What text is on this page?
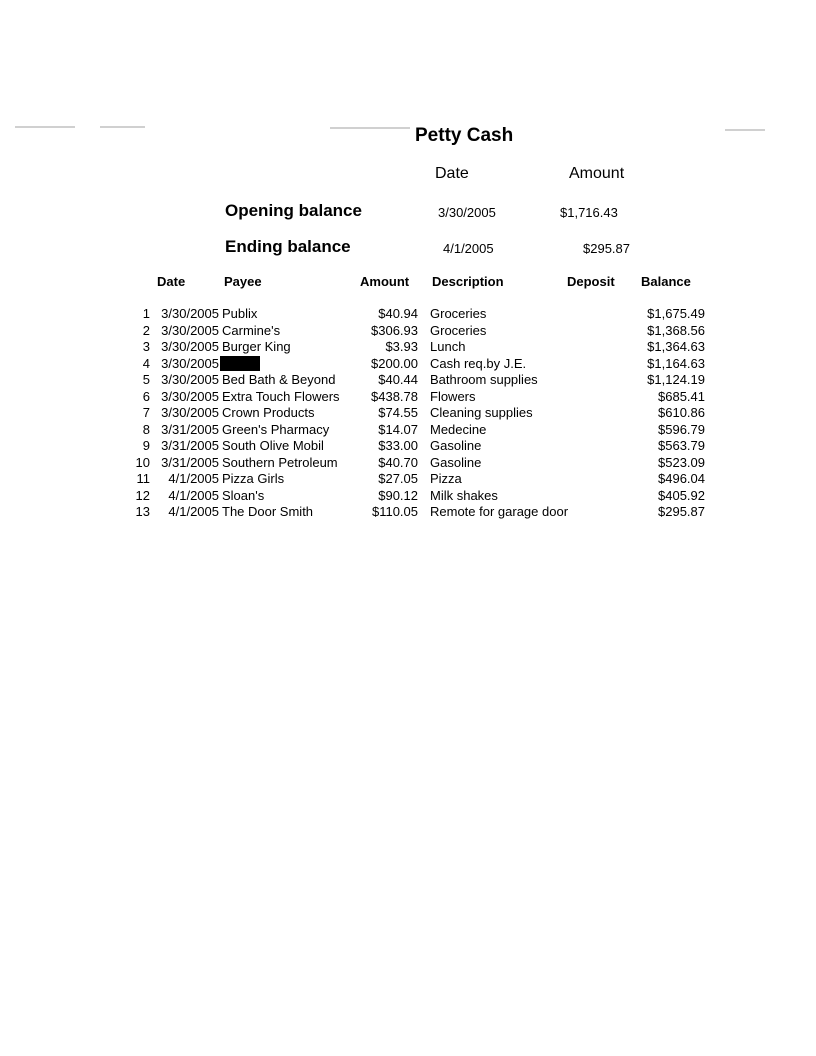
Petty Cash
Date	Amount
Opening balance	3/30/2005	$1,716.43
Ending balance	4/1/2005	$295.87
Date	Payee	Amount Description	Deposit Balance
1 3/30/2005 Publix	$40.94 Groceries	$1,675.49
2 3/30/2005 Carmine's	$306.93 Groceries	$1,368.56
3 3/30/2005 Burger King	$3.93 Lunch	$1,364.63
4 3/30/2005	$200.00 Cash req.by J.E.	$1,164.63
5 3/30/2005 Bed Bath & Beyond	$40.44 Bathroom supplies	$1,124.19
6 3/30/2005 Extra Touch Flowers $438.78 Flowers	$685.41
7 3/30/2005 Crown Products	$74.55 Cleaning supplies	$610.86
8 3/31/2005 Green's Pharmacy	$14.07 Medecine	$596.79
9 3/31/2005 South Olive Mobil	$33.00 Gasoline	$563.79
10 3/31/2005 Southern Petroleum	$40.70 Gasoline	$523.09
11 4/1/2005 Pizza Girls	$27.05 Pizza	$496.04
12 4/1/2005 Sloan's	$90.12 Milk shakes	$405.92
13 4/1/2005 The Door Smith	$110.05 Remote for garage door	$295.87
